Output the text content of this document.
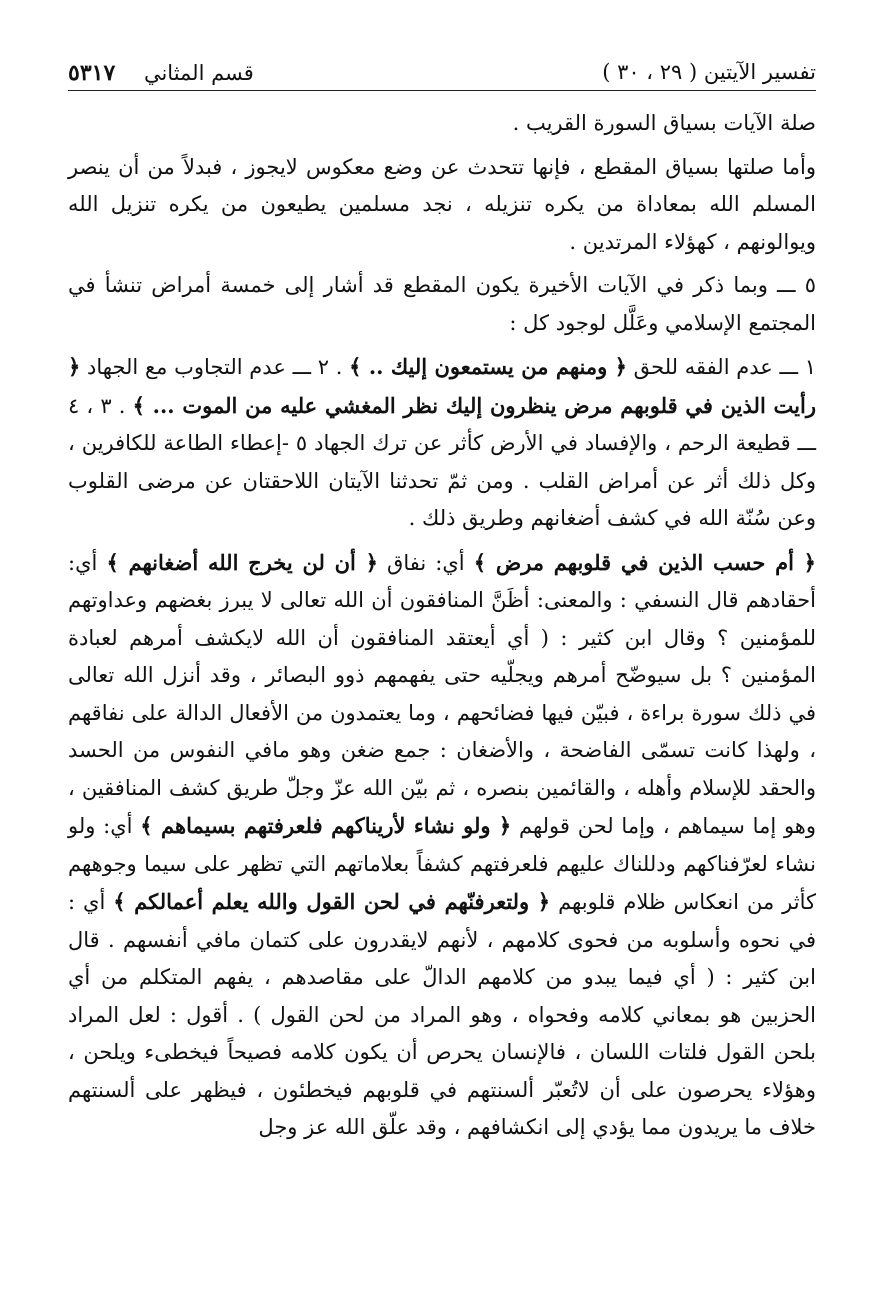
تفسير الآيتين ( ٢٩ ، ٣٠ )
قسم المثاني ٥٣١٧

صلة الآيات بسياق السورة القريب .

وأما صلتها بسياق المقطع ، فإنها تتحدث عن وضع معكوس لايجوز ، فبدلاً من أن ينصر المسلم الله بمعاداة من يكره تنزيله ، نجد مسلمين يطيعون من يكره تنزيل الله ويوالونهم ، كهؤلاء المرتدين .

٥ ـــ وبما ذكر في الآيات الأخيرة يكون المقطع قد أشار إلى خمسة أمراض تنشأ في المجتمع الإسلامي وعَلَّل لوجود كل :

١ ـــ عدم الفقه للحق ﴿ ومنهم من يستمعون إليك .. ﴾ . ٢ ـــ عدم التجاوب مع الجهاد ﴿ رأيت الذين في قلوبهم مرض ينظرون إليك نظر المغشي عليه من الموت ... ﴾ . ٣ ، ٤ ـــ قطيعة الرحم ، والإفساد في الأرض كأثر عن ترك الجهاد ٥ -إعطاء الطاعة للكافرين ، وكل ذلك أثر عن أمراض القلب . ومن ثمّ تحدثنا الآيتان اللاحقتان عن مرضى القلوب وعن سُنّة الله في كشف أضغانهم وطريق ذلك .

﴿ أم حسب الذين في قلوبهم مرض ﴾ أي: نفاق ﴿ أن لن يخرج الله أضغانهم ﴾ أي: أحقادهم قال النسفي : والمعنى: أظَنَّ المنافقون أن الله تعالى لا يبرز بغضهم وعداوتهم للمؤمنين ؟ وقال ابن كثير : ( أي أيعتقد المنافقون أن الله لايكشف أمرهم لعبادة المؤمنين ؟ بل سيوضّح أمرهم ويجلّيه حتى يفهمهم ذوو البصائر ، وقد أنزل الله تعالى في ذلك سورة براءة ، فبيّن فيها فضائحهم ، وما يعتمدون من الأفعال الدالة على نفاقهم ، ولهذا كانت تسمّى الفاضحة ، والأضغان : جمع ضغن وهو مافي النفوس من الحسد والحقد للإسلام وأهله ، والقائمين بنصره ، ثم بيّن الله عزّ وجلّ طريق كشف المنافقين ، وهو إما سيماهم ، وإما لحن قولهم ﴿ ولو نشاء لأريناكهم فلعرفتهم بسيماهم ﴾ أي: ولو نشاء لعرّفناكهم ودللناك عليهم فلعرفتهم كشفاً بعلاماتهم التي تظهر على سيما وجوههم كأثر من انعكاس ظلام قلوبهم ﴿ ولتعرفنّهم في لحن القول والله يعلم أعمالكم ﴾ أي : في نحوه وأسلوبه من فحوى كلامهم ، لأنهم لايقدرون على كتمان مافي أنفسهم . قال ابن كثير : ( أي فيما يبدو من كلامهم الدالّ على مقاصدهم ، يفهم المتكلم من أي الحزبين هو بمعاني كلامه وفحواه ، وهو المراد من لحن القول ) . أقول : لعل المراد بلحن القول فلتات اللسان ، فالإنسان يحرص أن يكون كلامه فصيحاً فيخطىء ويلحن ، وهؤلاء يحرصون على أن لاتُعبّر ألسنتهم في قلوبهم فيخطئون ، فيظهر على ألسنتهم خلاف ما يريدون مما يؤدي إلى انكشافهم ، وقد علّق الله عز وجل
